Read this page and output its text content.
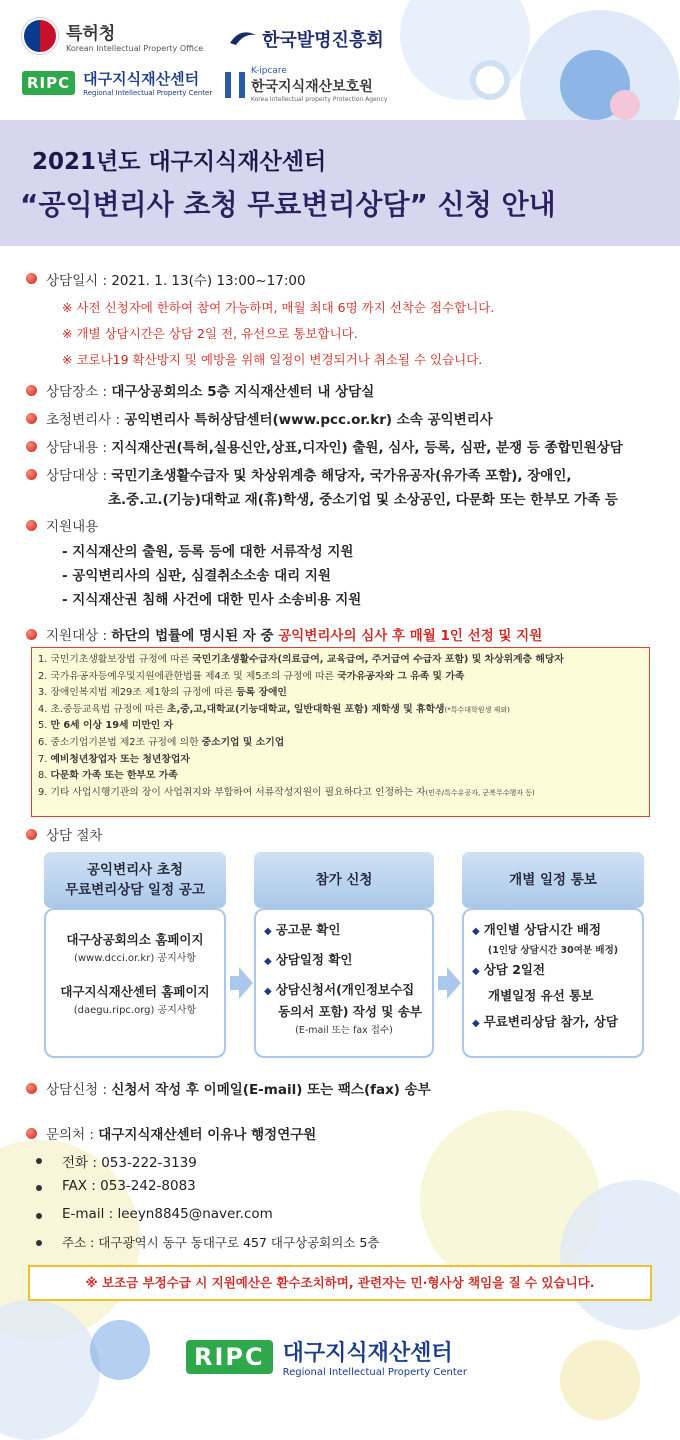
특허청
Korean Intellectual Property Office	한국발명진흥회
RIPC 대구지식재산센터
Regional Intellectual Property Center
K-ipcare
한국지식재산보호원
Korea Intellectual property Protection Agency
2021년도 대구지식재산센터
“공익변리사 초청 무료변리상담” 신청 안내
상담일시 : 2021. 1. 13(수) 13:00~17:00
※ 사전 신청자에 한하여 참여 가능하며, 매월 최대 6명 까지 선착순 접수합니다.
※ 개별 상담시간은 상담 2일 전, 유선으로 통보합니다.
※ 코로나19 확산방지 및 예방을 위해 일정이 변경되거나 취소될 수 있습니다.
상담장소 : 대구상공회의소 5층 지식재산센터 내 상담실
초청변리사 : 공익변리사 특허상담센터(www.pcc.or.kr) 소속 공익변리사
상담내용 : 지식재산권(특허,실용신안,상표,디자인) 출원, 심사, 등록, 심판, 분쟁 등 종합민원상담
상담대상 : 국민기초생활수급자 및 차상위계층 해당자, 국가유공자(유가족 포함), 장애인,
초.중.고.(기능)대학교 재(휴)학생, 중소기업 및 소상공인, 다문화 또는 한부모 가족 등
지원내용
- 지식재산의 출원, 등록 등에 대한 서류작성 지원
- 공익변리사의 심판, 심결취소소송 대리 지원
- 지식재산권 침해 사건에 대한 민사 소송비용 지원
지원대상 : 하단의 법률에 명시된 자 중 공익변리사의 심사 후 매월 1인 선정 및 지원
1. 국민기초생활보장법 규정에 따른 국민기초생활수급자(의료급여, 교육급여, 주거급여 수급자 포함) 및 차상위계층 해당자
2. 국가유공자등예우및지원에관한법률 제4조 및 제5조의 규정에 따른 국가유공자와 그 유족 및 가족
3. 장애인복지법 제29조 제1항의 규정에 따른 등록 장애인
4. 초.중등교육법 규정에 따른 초,중,고,대학교(기능대학교, 일반대학원 포함) 재학생 및 휴학생(*특수대학원생 제외)
5. 만 6세 이상 19세 미만인 자
6. 중소기업기본법 제2조 규정에 의한 중소기업 및 소기업
7. 예비청년창업자 또는 청년창업자
8. 다문화 가족 또는 한부모 가족
9. 기타 사업시행기관의 장이 사업취지와 부합하여 서류작성지원이 필요하다고 인정하는 자(민주/특수유공자, 군복무수행자 등)
상담 절차
공익변리사 초청
무료변리상담 일정 공고
참가 신청	개별 일정 통보
대구상공회의소 홈페이지
(www.dcci.or.kr) 공지사항
대구지식재산센터 홈페이지
(daegu.ripc.org) 공지사항
◆ 공고문 확인
◆ 상담일정 확인
◆ 상담신청서(개인정보수집
동의서 포함) 작성 및 송부
(E-mail 또는 fax 접수)
◆ 개인별 상담시간 배정
(1인당 상담시간 30여분 배정)
◆ 상담 2일전
개별일정 유선 통보
◆ 무료변리상담 참가, 상담
상담신청 : 신청서 작성 후 이메일(E-mail) 또는 팩스(fax) 송부
문의처 : 대구지식재산센터 이유나 행정연구원
전화 : 053-222-3139
FAX : 053-242-8083
E-mail : leeyn8845@naver.com
주소 : 대구광역시 동구 동대구로 457 대구상공회의소 5층
※ 보조금 부정수급 시 지원예산은 환수조치하며, 관련자는 민·형사상 책임을 질 수 있습니다.
RIPC 대구지식재산센터
Regional Intellectual Property Center
